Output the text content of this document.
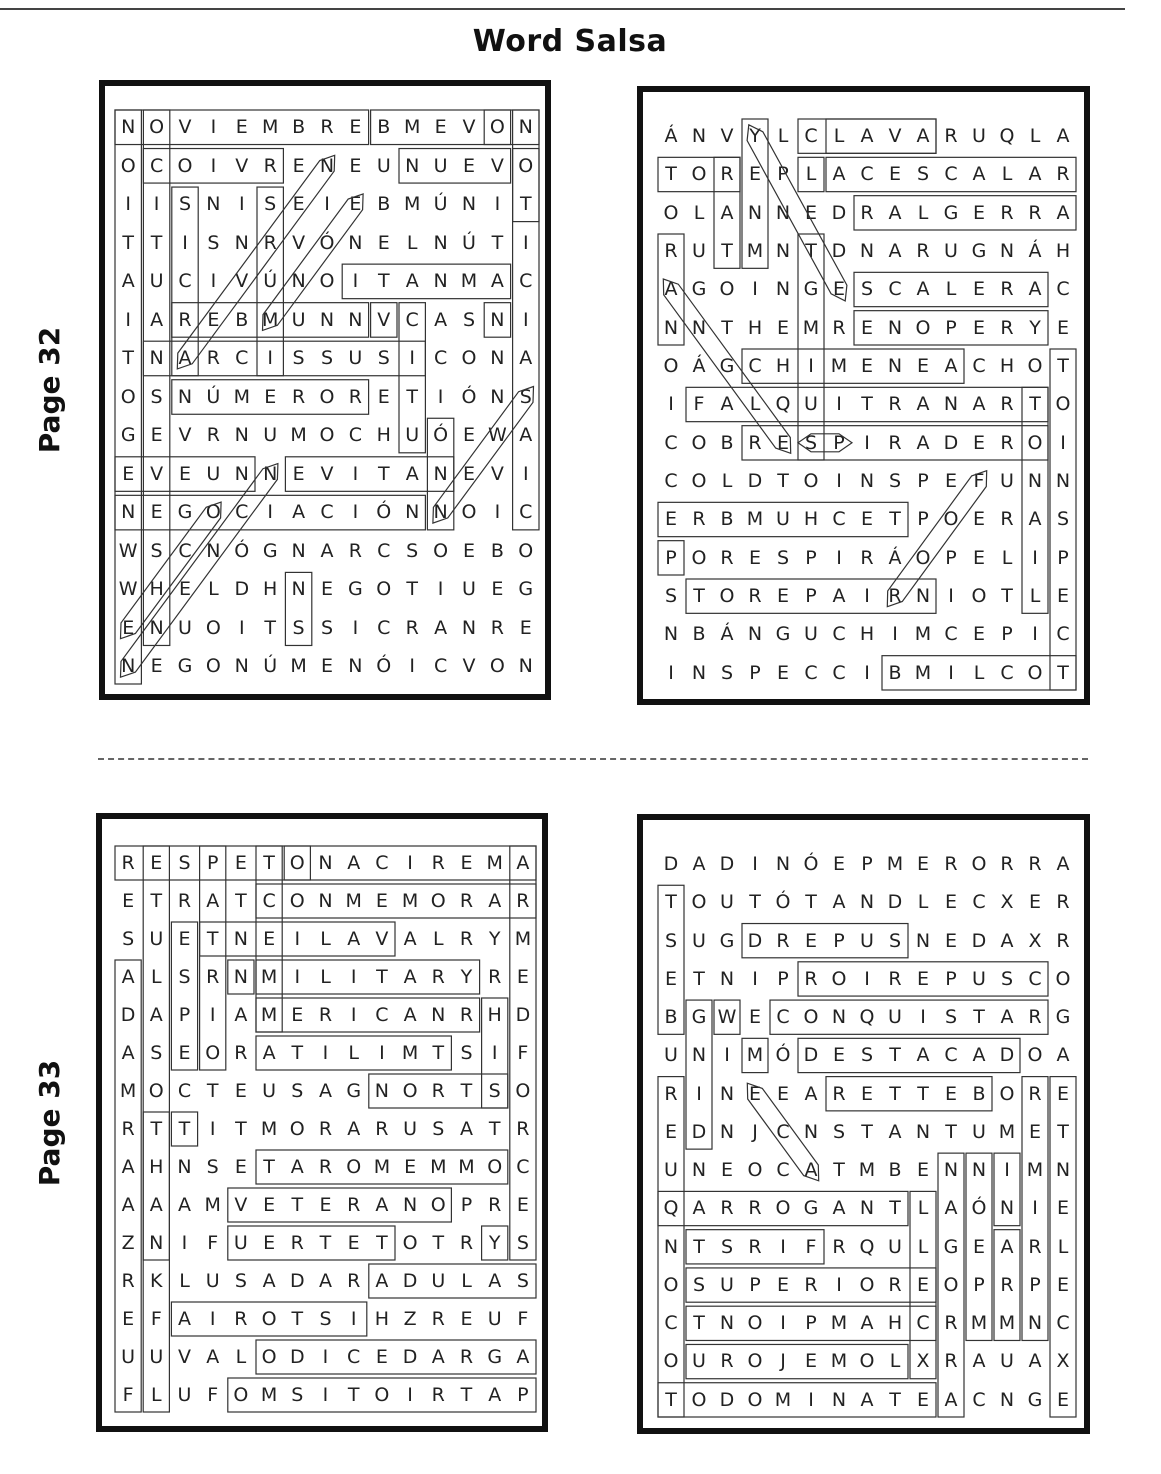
Word Salsa
Page 32
Page 33
N O V	I	E M B R E B M E V O N
O C O I	V R E N E U N U E V O
I	I	S N I	S E	I	E B M Ú N I	T
T T	I	S N R V Ó N E L N Ú T	I
A U C I	V Ú N O I	T A N M A C
I	A R E B M U N N V C A S N I
T N A R C I	S S U S	I C O N A
O S N Ú M E R O R E T	I Ó N S
G E V R N U M O C H U Ó E W A
E V E U N N E V	I	T A N E V	I
N E G O C I	A C I Ó N N O I C
W S C N Ó G N A R C S O E B O
W H E L D H N E G O T	I U E G
E N U O I	T S S	I C R A N R E
N E G O N Ú M E N Ó I C V O N
Á N V Y L C L A V A R U Q L A
T O R E P L A C E S C A L A R
O L A N N E D R A L G E R R A
R U T M N T D N A R U G N Á H
A G O I N G E S C A L E R A C
N N T H E M R E N O P E R Y E
O Á G C H I M E N E A C H O T
I	F A L Q U I	T R A N A R T O
C O B R E S P	I R A D E R O I
C O L D T O I N S P E F U N N
E R B M U H C E T P O E R A S
P O R E S P	I R Á O P E L	I	P
S T O R E P A I R N I O T L E
N B Á N G U C H I M C E P	I C
I N S P E C C I B M I	L C O T
R E S P E T O N A C I R E M A
E T R A T C O N M E M O R A R
S U E T N E	I	L A V A L R Y M
A L S R N M I	L	I	T A R Y R E
D A P	I A M E R I C A N R H D
A S E O R A T	I	L	I M T S	I	F
M O C T E U S A G N O R T S O
R T T	I	T M O R A R U S A T R
A H N S E T A R O M E M M O C
A A A M V E T E R A N O P R E
Z N I	F U E R T E T O T R Y S
R K L U S A D A R A D U L A S
E F A I R O T S	I H Z R E U F
U U V A L O D I C E D A R G A
F L U F O M S	I	T O I R T A P
D A D I N Ó E P M E R O R R A
T O U T Ó T A N D L E C X E R
S U G D R E P U S N E D A X R
E T N I	P R O I R E P U S C O
B G W E C O N Q U I	S T A R G
U N I M Ó D E S T A C A D O A
R I N E E A R E T T E B O R E
E D N J C N S T A N T U M E T
U N E O C A T M B E N N I M N
Q A R R O G A N T L A Ó N I	E
N T S R I	F R Q U L G E A R L
O S U P E R I O R E O P R P E
C T N O I	P M A H C R M M N C
O U R O J	E M O L X R A U A X
T O D O M I N A T E A C N G E
